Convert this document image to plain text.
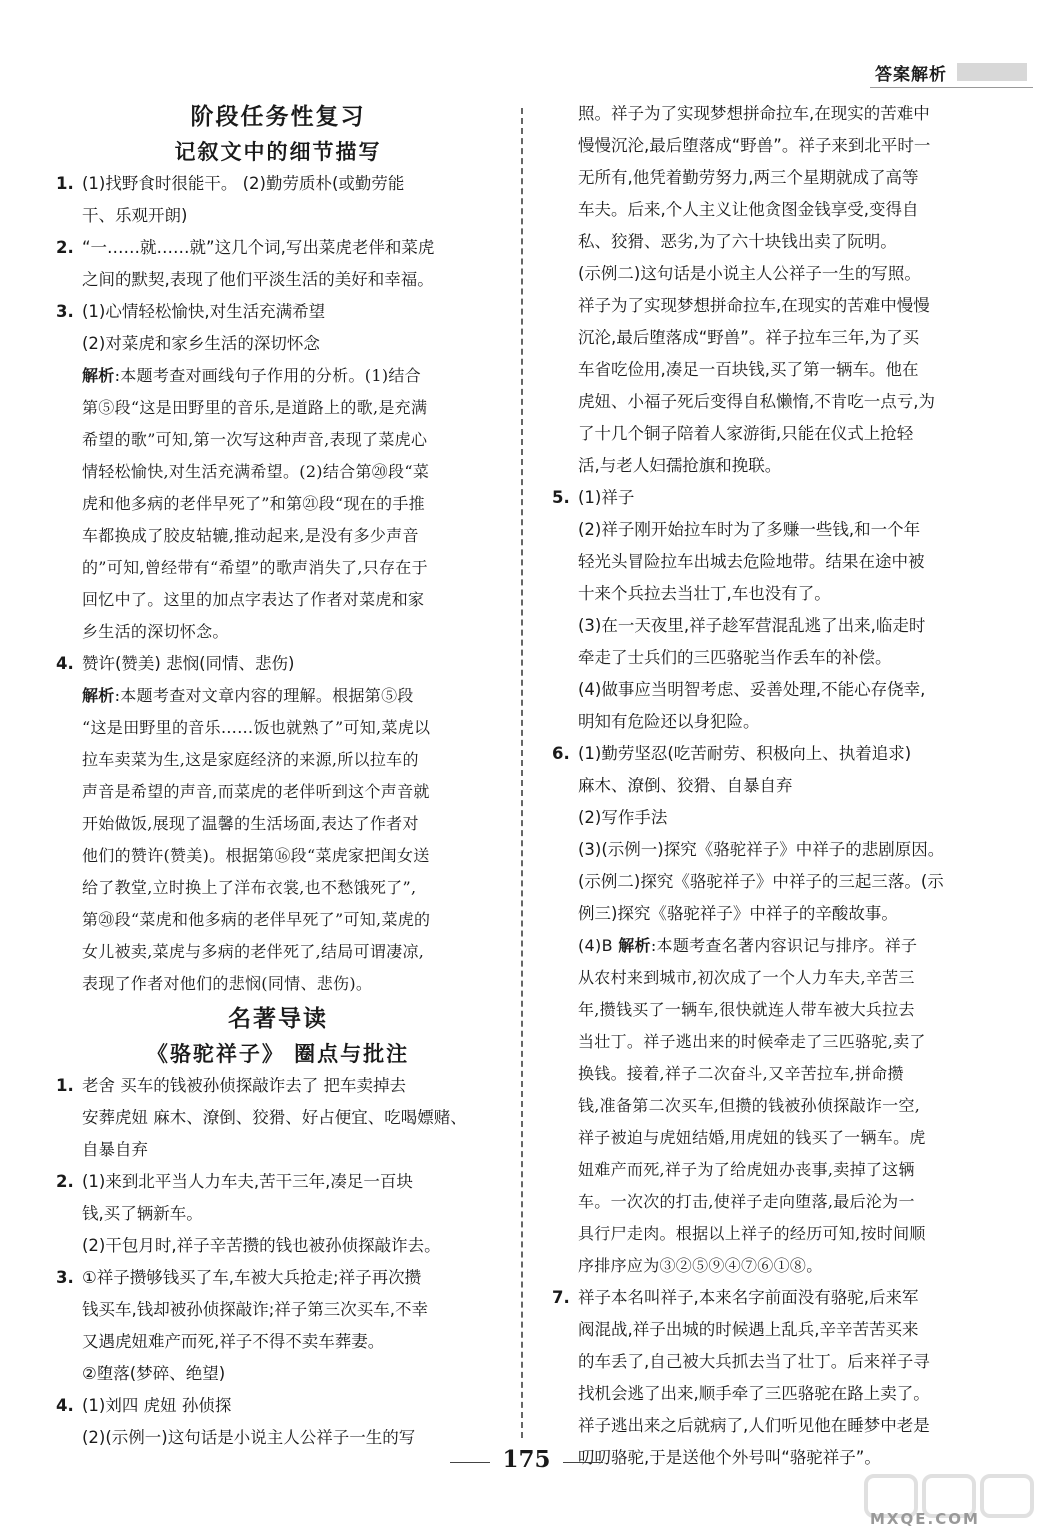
答案解析
阶段任务性复习
记叙文中的细节描写
1. (1)找野食时很能干。 (2)勤劳质朴(或勤劳能
干、乐观开朗)
2. “一……就……就”这几个词,写出菜虎老伴和菜虎
之间的默契,表现了他们平淡生活的美好和幸福。
3. (1)心情轻松愉快,对生活充满希望
(2)对菜虎和家乡生活的深切怀念
解析:本题考查对画线句子作用的分析。(1)结合
第⑤段“这是田野里的音乐,是道路上的歌,是充满
希望的歌”可知,第一次写这种声音,表现了菜虎心
情轻松愉快,对生活充满希望。(2)结合第⑳段“菜
虎和他多病的老伴早死了”和第㉑段“现在的手推
车都换成了胶皮轱辘,推动起来,是没有多少声音
的”可知,曾经带有“希望”的歌声消失了,只存在于
回忆中了。这里的加点字表达了作者对菜虎和家
乡生活的深切怀念。
4. 赞许(赞美) 悲悯(同情、悲伤)
解析:本题考查对文章内容的理解。根据第⑤段
“这是田野里的音乐……饭也就熟了”可知,菜虎以
拉车卖菜为生,这是家庭经济的来源,所以拉车的
声音是希望的声音,而菜虎的老伴听到这个声音就
开始做饭,展现了温馨的生活场面,表达了作者对
他们的赞许(赞美)。根据第⑯段“菜虎家把闺女送
给了教堂,立时换上了洋布衣裳,也不愁饿死了”,
第⑳段“菜虎和他多病的老伴早死了”可知,菜虎的
女儿被卖,菜虎与多病的老伴死了,结局可谓凄凉,
表现了作者对他们的悲悯(同情、悲伤)。
名著导读
《骆驼祥子》 圈点与批注
1. 老舍 买车的钱被孙侦探敲诈去了 把车卖掉去
安葬虎妞 麻木、潦倒、狡猾、好占便宜、吃喝嫖赌、
自暴自弃
2. (1)来到北平当人力车夫,苦干三年,凑足一百块
钱,买了辆新车。
(2)干包月时,祥子辛苦攒的钱也被孙侦探敲诈去。
3. ①祥子攒够钱买了车,车被大兵抢走;祥子再次攒
钱买车,钱却被孙侦探敲诈;祥子第三次买车,不幸
又遇虎妞难产而死,祥子不得不卖车葬妻。
②堕落(梦碎、绝望)
4. (1)刘四 虎妞 孙侦探
(2)(示例一)这句话是小说主人公祥子一生的写
照。祥子为了实现梦想拼命拉车,在现实的苦难中
慢慢沉沦,最后堕落成“野兽”。祥子来到北平时一
无所有,他凭着勤劳努力,两三个星期就成了高等
车夫。后来,个人主义让他贪图金钱享受,变得自
私、狡猾、恶劣,为了六十块钱出卖了阮明。
(示例二)这句话是小说主人公祥子一生的写照。
祥子为了实现梦想拼命拉车,在现实的苦难中慢慢
沉沦,最后堕落成“野兽”。祥子拉车三年,为了买
车省吃俭用,凑足一百块钱,买了第一辆车。他在
虎妞、小福子死后变得自私懒惰,不肯吃一点亏,为
了十几个铜子陪着人家游街,只能在仪式上抢轻
活,与老人妇孺抢旗和挽联。
5. (1)祥子
(2)祥子刚开始拉车时为了多赚一些钱,和一个年
轻光头冒险拉车出城去危险地带。结果在途中被
十来个兵拉去当壮丁,车也没有了。
(3)在一天夜里,祥子趁军营混乱逃了出来,临走时
牵走了士兵们的三匹骆驼当作丢车的补偿。
(4)做事应当明智考虑、妥善处理,不能心存侥幸,
明知有危险还以身犯险。
6. (1)勤劳坚忍(吃苦耐劳、积极向上、执着追求)
麻木、潦倒、狡猾、自暴自弃
(2)写作手法
(3)(示例一)探究《骆驼祥子》中祥子的悲剧原因。
(示例二)探究《骆驼祥子》中祥子的三起三落。(示
例三)探究《骆驼祥子》中祥子的辛酸故事。
(4)B 解析:本题考查名著内容识记与排序。祥子
从农村来到城市,初次成了一个人力车夫,辛苦三
年,攒钱买了一辆车,很快就连人带车被大兵拉去
当壮丁。祥子逃出来的时候牵走了三匹骆驼,卖了
换钱。接着,祥子二次奋斗,又辛苦拉车,拼命攒
钱,准备第二次买车,但攒的钱被孙侦探敲诈一空,
祥子被迫与虎妞结婚,用虎妞的钱买了一辆车。虎
妞难产而死,祥子为了给虎妞办丧事,卖掉了这辆
车。一次次的打击,使祥子走向堕落,最后沦为一
具行尸走肉。根据以上祥子的经历可知,按时间顺
序排序应为③②⑤⑨④⑦⑥①⑧。
7. 祥子本名叫祥子,本来名字前面没有骆驼,后来军
阀混战,祥子出城的时候遇上乱兵,辛辛苦苦买来
的车丢了,自己被大兵抓去当了壮丁。后来祥子寻
找机会逃了出来,顺手牵了三匹骆驼在路上卖了。
祥子逃出来之后就病了,人们听见他在睡梦中老是
叨叨骆驼,于是送他个外号叫“骆驼祥子”。
175
MXQE.COM
